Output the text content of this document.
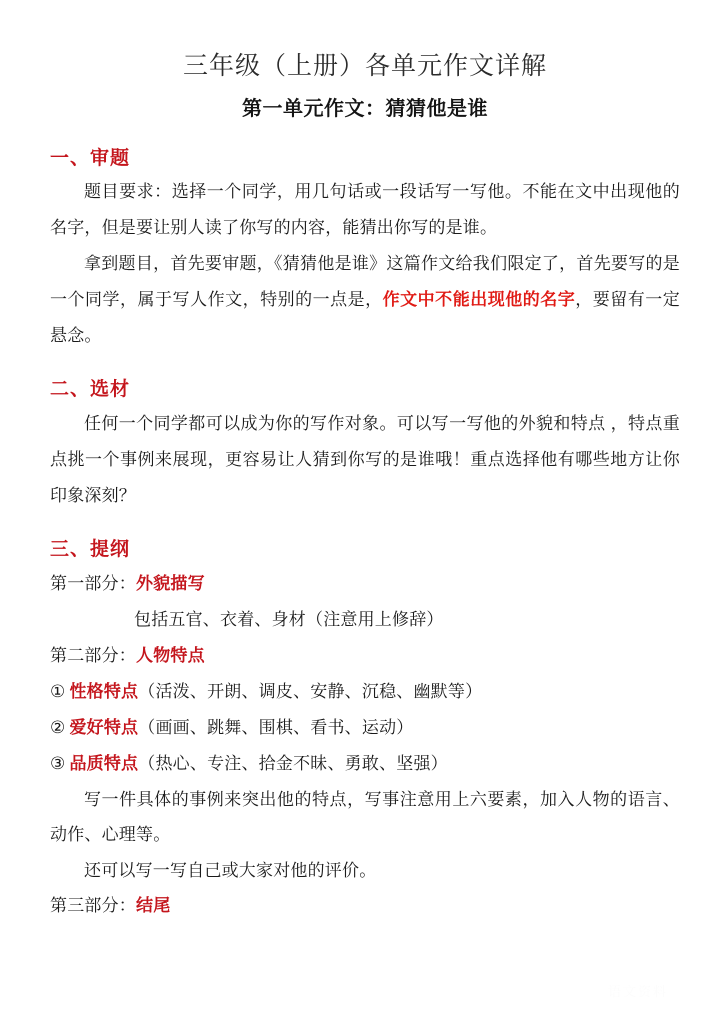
三年级（上册）各单元作文详解
第一单元作文：猜猜他是谁
一、审题

题目要求：选择一个同学，用几句话或一段话写一写他。不能在文中出现他的名字，但是要让别人读了你写的内容，能猜出你写的是谁。

拿到题目，首先要审题，《猜猜他是谁》这篇作文给我们限定了，首先要写的是一个同学，属于写人作文，特别的一点是，作文中不能出现他的名字，要留有一定悬念。

二、选材

任何一个同学都可以成为你的写作对象。可以写一写他的外貌和特点 ，特点重点挑一个事例来展现，更容易让人猜到你写的是谁哦！重点选择他有哪些地方让你印象深刻？

三、提纲

第一部分：外貌描写

包括五官、衣着、身材（注意用上修辞）

第二部分：人物特点

① 性格特点（活泼、开朗、调皮、安静、沉稳、幽默等）

② 爱好特点（画画、跳舞、围棋、看书、运动）

③ 品质特点（热心、专注、拾金不昧、勇敢、坚强）

写一件具体的事例来突出他的特点，写事注意用上六要素，加入人物的语言、动作、心理等。

还可以写一写自己或大家对他的评价。

第三部分：结尾

语文资料
